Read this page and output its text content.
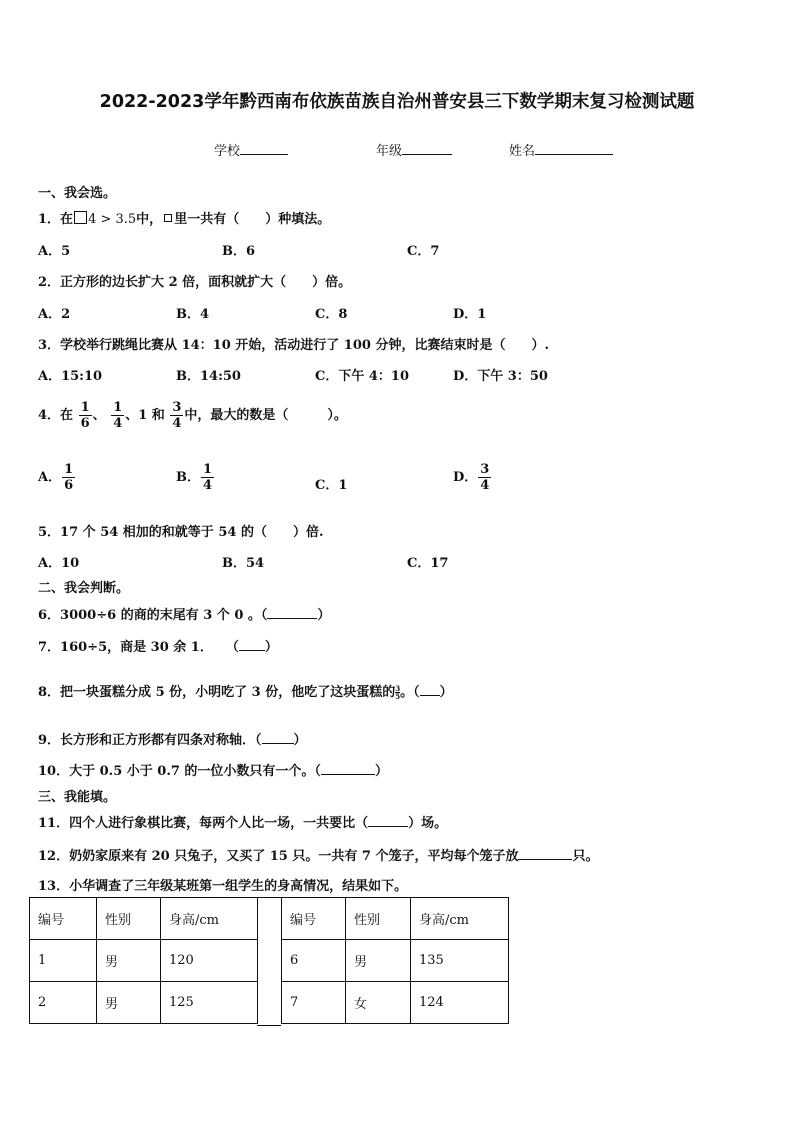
2022-2023学年黔西南布依族苗族自治州普安县三下数学期末复习检测试题
学校	年级	姓名
一、我会选。
1．在 4 > 3.5中， 里一共有（　　）种填法。
A．5	B．6	C．7
2．正方形的边长扩大 2 倍，面积就扩大（　　）倍。
A．2	B．4	C．8	D．1
3．学校举行跳绳比赛从 14：10 开始，活动进行了 100 分钟，比赛结束时是（　　）.
A．15:10	B．14:50	C．下午 4：10	D．下午 3：50
4．在 $\frac{1}{6}$ 、 $\frac{1}{4}$ 、1 和 $\frac{3}{4}$ 中，最大的数是（　　　）。
A． $\frac{1}{6}$	B． $\frac{1}{4}$	C．1
D． $\frac{3}{4}$
5．17 个 54 相加的和就等于 54 的（　　）倍.
A．10	B．54	C．17
二、我会判断。
6．3000÷6 的商的末尾有 3 个 0 。（	）
7．160÷5，商是 30 余 1．　　（ ）
8．把一块蛋糕分成 5 份，小明吃了 3 份，他吃了这块蛋糕的 $\frac{3}{5}$ 。（ ）
9．长方形和正方形都有四条对称轴．（ ）
10．大于 0.5 小于 0.7 的一位小数只有一个。（	）
三、我能填。
11．四个人进行象棋比赛，每两个人比一场，一共要比（	）场。
12．奶奶家原来有 20 只兔子，又买了 15 只。一共有 7 个笼子，平均每个笼子放	只。
13．小华调查了三年级某班第一组学生的身高情况，结果如下。
编号	性别	身高/cm
1	男	120
2	男	125
编号	性别	身高/cm
6	男	135
7	女	124
